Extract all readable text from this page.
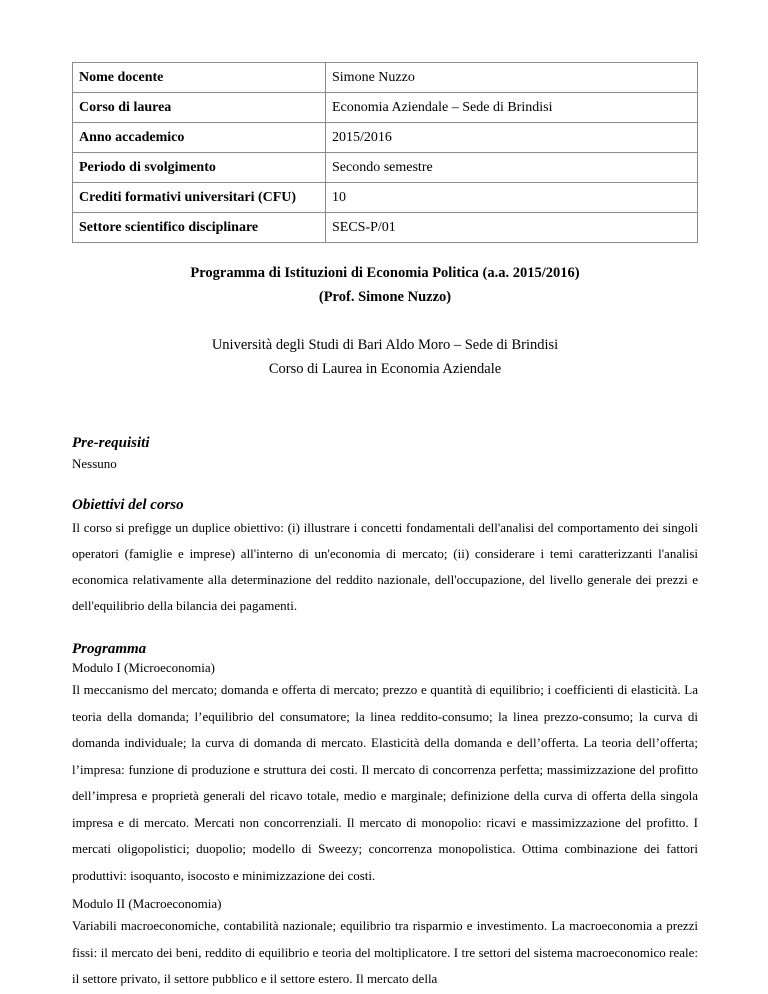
Nome docente	Simone Nuzzo
Corso di laurea	Economia Aziendale – Sede di Brindisi
Anno accademico	2015/2016
Periodo di svolgimento	Secondo semestre
Crediti formativi universitari (CFU)	10
Settore scientifico disciplinare	SECS-P/01
Programma di Istituzioni di Economia Politica (a.a. 2015/2016)
(Prof. Simone Nuzzo)
Università degli Studi di Bari Aldo Moro – Sede di Brindisi
Corso di Laurea in Economia Aziendale
Pre-requisiti
Nessuno
Obiettivi del corso
Il corso si prefigge un duplice obiettivo: (i) illustrare i concetti fondamentali dell'analisi del comportamento dei singoli operatori (famiglie e imprese) all'interno di un'economia di mercato; (ii) considerare i temi caratterizzanti l'analisi economica relativamente alla determinazione del reddito nazionale, dell'occupazione, del livello generale dei prezzi e dell'equilibrio della bilancia dei pagamenti.
Programma
Modulo I (Microeconomia)
Il meccanismo del mercato; domanda e offerta di mercato; prezzo e quantità di equilibrio; i coefficienti di elasticità. La teoria della domanda; l’equilibrio del consumatore; la linea reddito-consumo; la linea prezzo-consumo; la curva di domanda individuale; la curva di domanda di mercato. Elasticità della domanda e dell’offerta. La teoria dell’offerta; l’impresa: funzione di produzione e struttura dei costi. Il mercato di concorrenza perfetta; massimizzazione del profitto dell’impresa e proprietà generali del ricavo totale, medio e marginale; definizione della curva di offerta della singola impresa e di mercato. Mercati non concorrenziali. Il mercato di monopolio: ricavi e massimizzazione del profitto. I mercati oligopolistici; duopolio; modello di Sweezy; concorrenza monopolistica. Ottima combinazione dei fattori produttivi: isoquanto, isocosto e minimizzazione dei costi.
Modulo II (Macroeconomia)
Variabili macroeconomiche, contabilità nazionale; equilibrio tra risparmio e investimento. La macroeconomia a prezzi fissi: il mercato dei beni, reddito di equilibrio e teoria del moltiplicatore. I tre settori del sistema macroeconomico reale: il settore privato, il settore pubblico e il settore estero. Il mercato della
